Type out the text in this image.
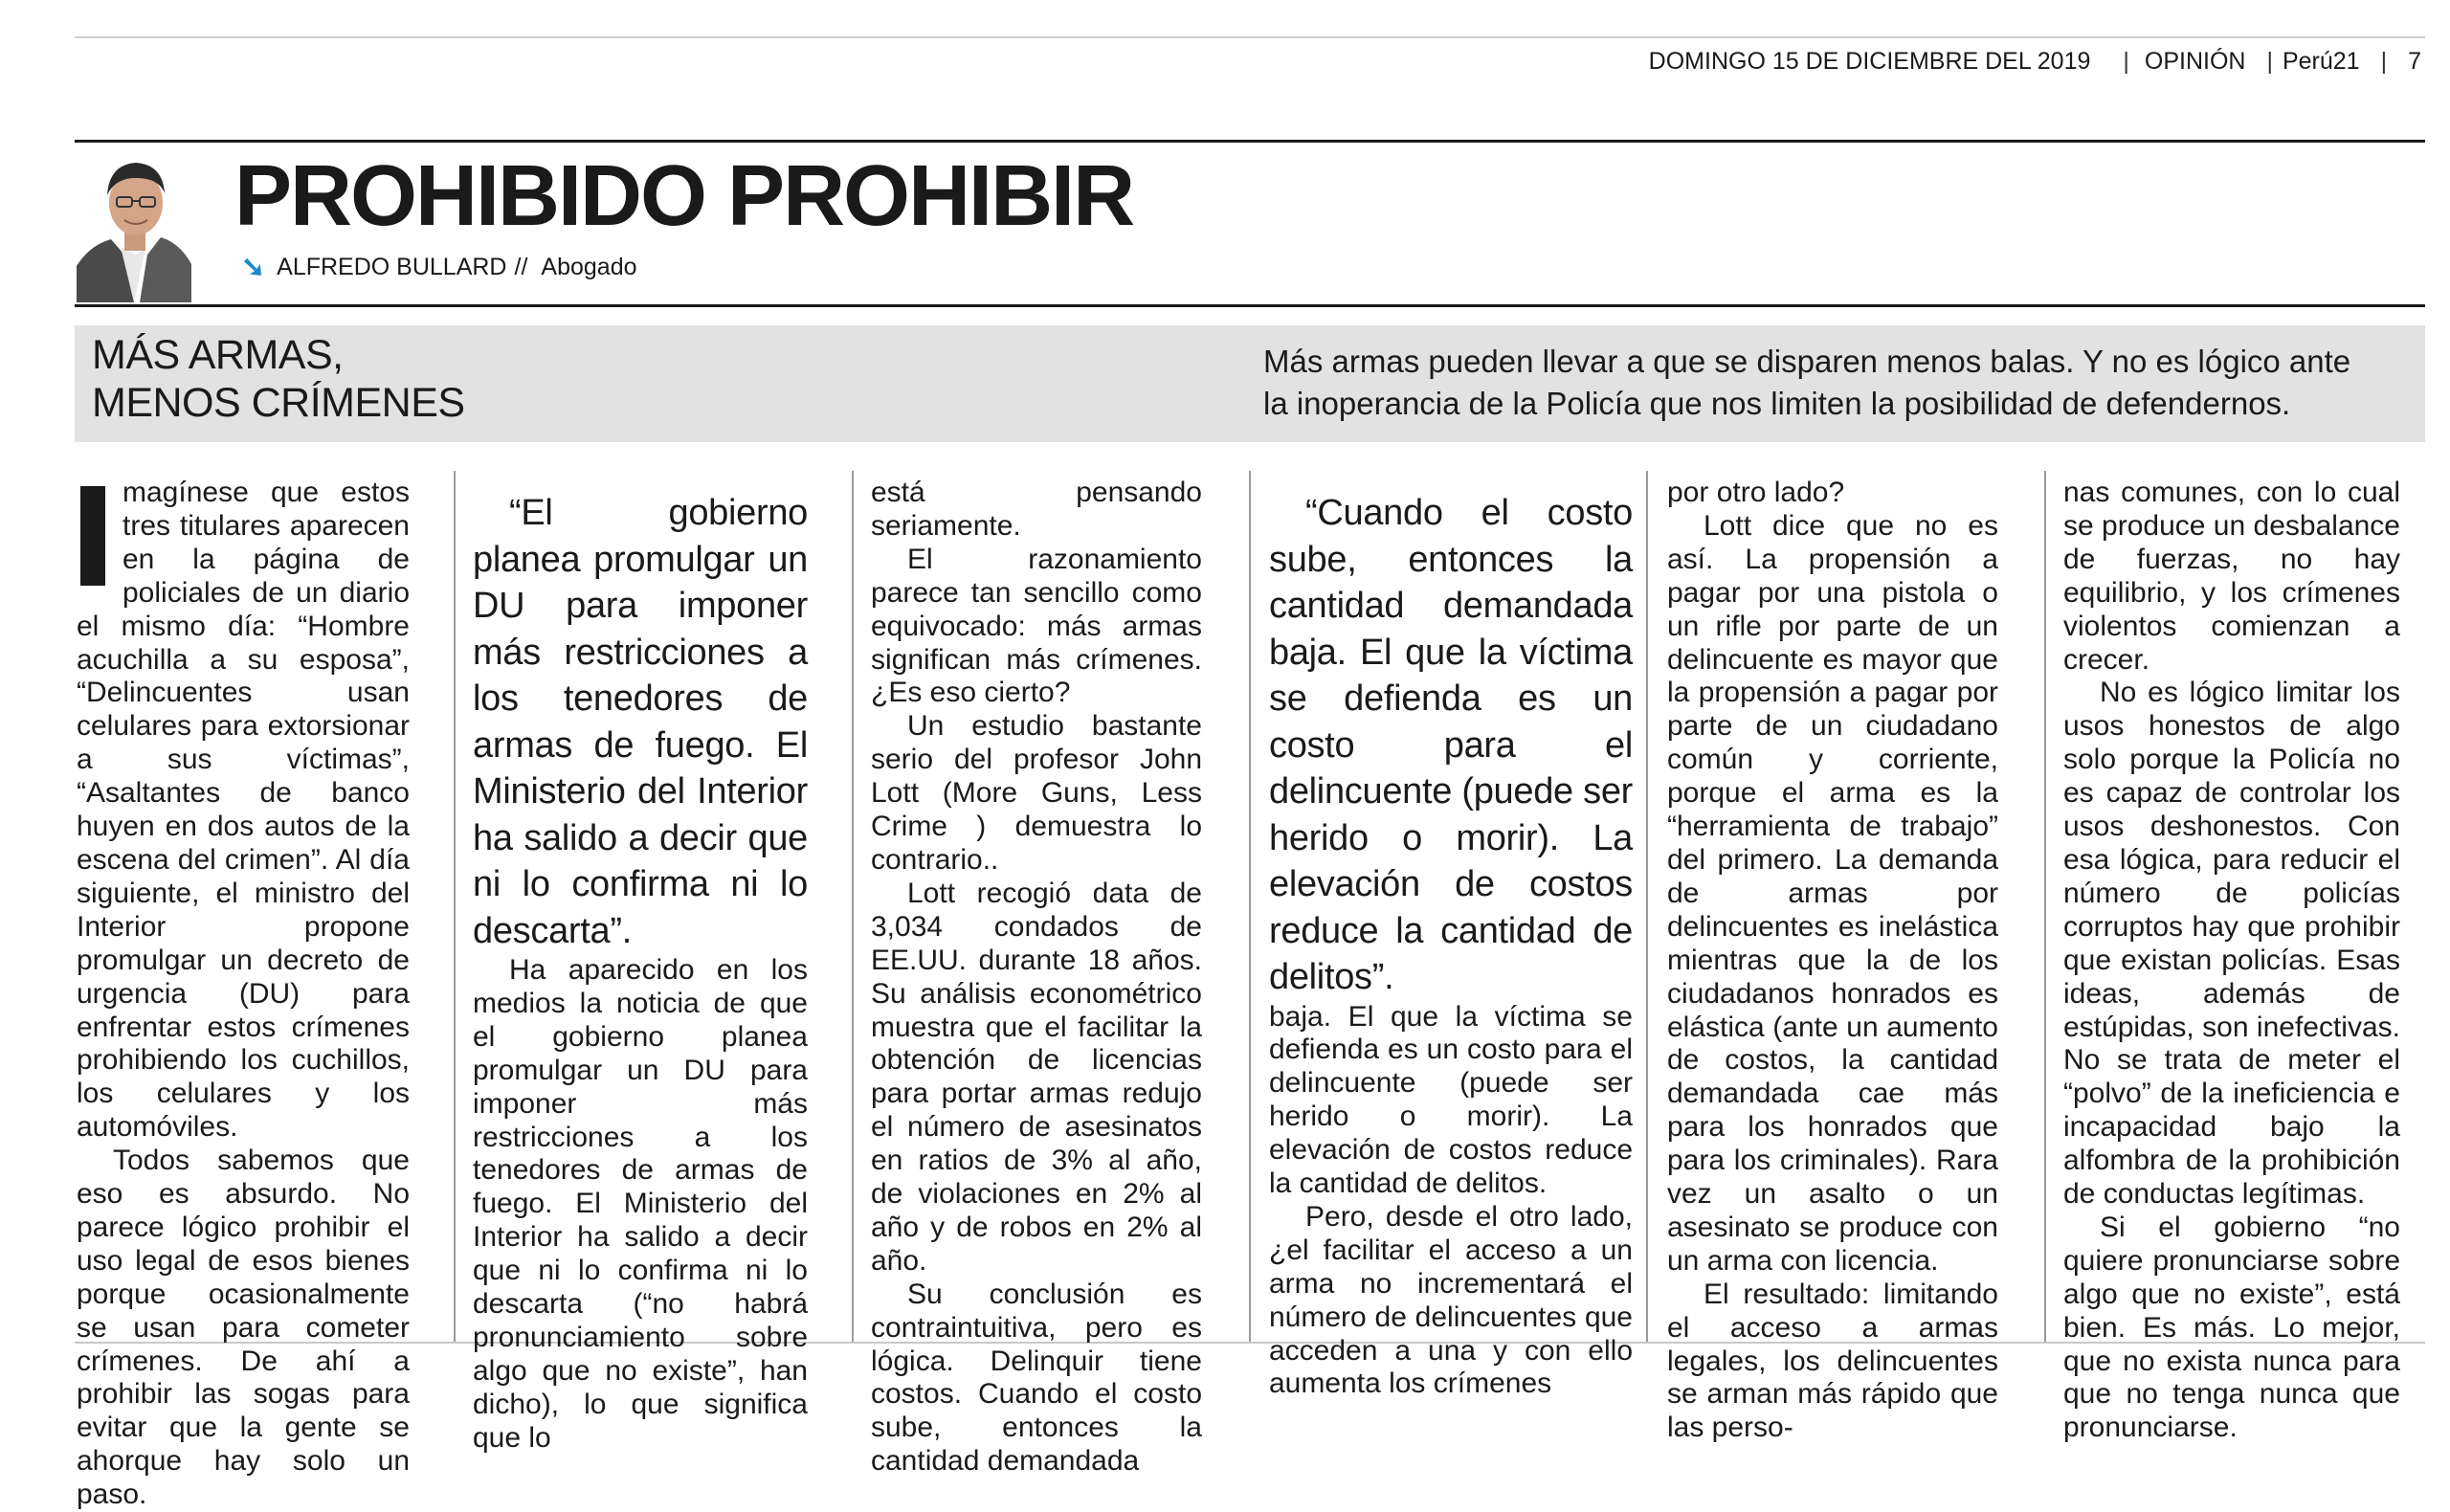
DOMINGO 15 DE DICIEMBRE DEL 2019 | OPINIÓN | Perú21 | 7
PROHIBIDO PROHIBIR
➘ ALFREDO BULLARD // Abogado
MÁS ARMAS,
MENOS CRÍMENES
Más armas pueden llevar a que se disparen menos balas. Y no es lógico ante la inoperancia de la Policía que nos limiten la posibilidad de defendernos.

magínese que estos tres titulares aparecen en la página de policiales de un diario el mismo día: “Hombre acuchilla a su esposa”, “Delincuentes usan celulares para extorsionar a sus víctimas”, “Asaltantes de banco huyen en dos autos de la escena del crimen”. Al día siguiente, el ministro del Interior propone promulgar un decreto de urgencia (DU) para enfrentar estos crímenes prohibiendo los cuchillos, los celulares y los automóviles.

Todos sabemos que eso es absurdo. No parece lógico prohibir el uso legal de esos bienes porque ocasionalmente se usan para cometer crímenes. De ahí a prohibir las sogas para evitar que la gente se ahorque hay solo un paso.

“El gobierno planea promulgar un DU para imponer más restricciones a los tenedores de armas de fuego. El Ministerio del Interior ha salido a decir que ni lo confirma ni lo descarta”.

Ha aparecido en los medios la noticia de que el gobierno planea promulgar un DU para imponer más restricciones a los tenedores de armas de fuego. El Ministerio del Interior ha salido a decir que ni lo confirma ni lo descarta (“no habrá pronunciamiento sobre algo que no existe”, han dicho), lo que significa que lo

está pensando seriamente.

El razonamiento parece tan sencillo como equivocado: más armas significan más crímenes. ¿Es eso cierto?

Un estudio bastante serio del profesor John Lott (More Guns, Less Crime ) demuestra lo contrario..

Lott recogió data de 3,034 condados de EE.UU. durante 18 años. Su análisis econométrico muestra que el facilitar la obtención de licencias para portar armas redujo el número de asesinatos en ratios de 3% al año, de violaciones en 2% al año y de robos en 2% al año.

Su conclusión es contraintuitiva, pero es lógica. Delinquir tiene costos. Cuando el costo sube, entonces la cantidad demandada

“Cuando el costo sube, entonces la cantidad demandada baja. El que la víctima se defienda es un costo para el delincuente (puede ser herido o morir). La elevación de costos reduce la cantidad de delitos”.

baja. El que la víctima se defienda es un costo para el delincuente (puede ser herido o morir). La elevación de costos reduce la cantidad de delitos.

Pero, desde el otro lado, ¿el facilitar el acceso a un arma no incrementará el número de delincuentes que acceden a una y con ello aumenta los crímenes

por otro lado?

Lott dice que no es así. La propensión a pagar por una pistola o un rifle por parte de un delincuente es mayor que la propensión a pagar por parte de un ciudadano común y corriente, porque el arma es la “herramienta de trabajo” del primero. La demanda de armas por delincuentes es inelástica mientras que la de los ciudadanos honrados es elástica (ante un aumento de costos, la cantidad demandada cae más para los honrados que para los criminales). Rara vez un asalto o un asesinato se produce con un arma con licencia.

El resultado: limitando el acceso a armas legales, los delincuentes se arman más rápido que las perso-

nas comunes, con lo cual se produce un desbalance de fuerzas, no hay equilibrio, y los crímenes violentos comienzan a crecer.

No es lógico limitar los usos honestos de algo solo porque la Policía no es capaz de controlar los usos deshonestos. Con esa lógica, para reducir el número de policías corruptos hay que prohibir que existan policías. Esas ideas, además de estúpidas, son inefectivas. No se trata de meter el “polvo” de la ineficiencia e incapacidad bajo la alfombra de la prohibición de conductas legítimas.

Si el gobierno “no quiere pronunciarse sobre algo que no existe”, está bien. Es más. Lo mejor, que no exista nunca para que no tenga nunca que pronunciarse.
